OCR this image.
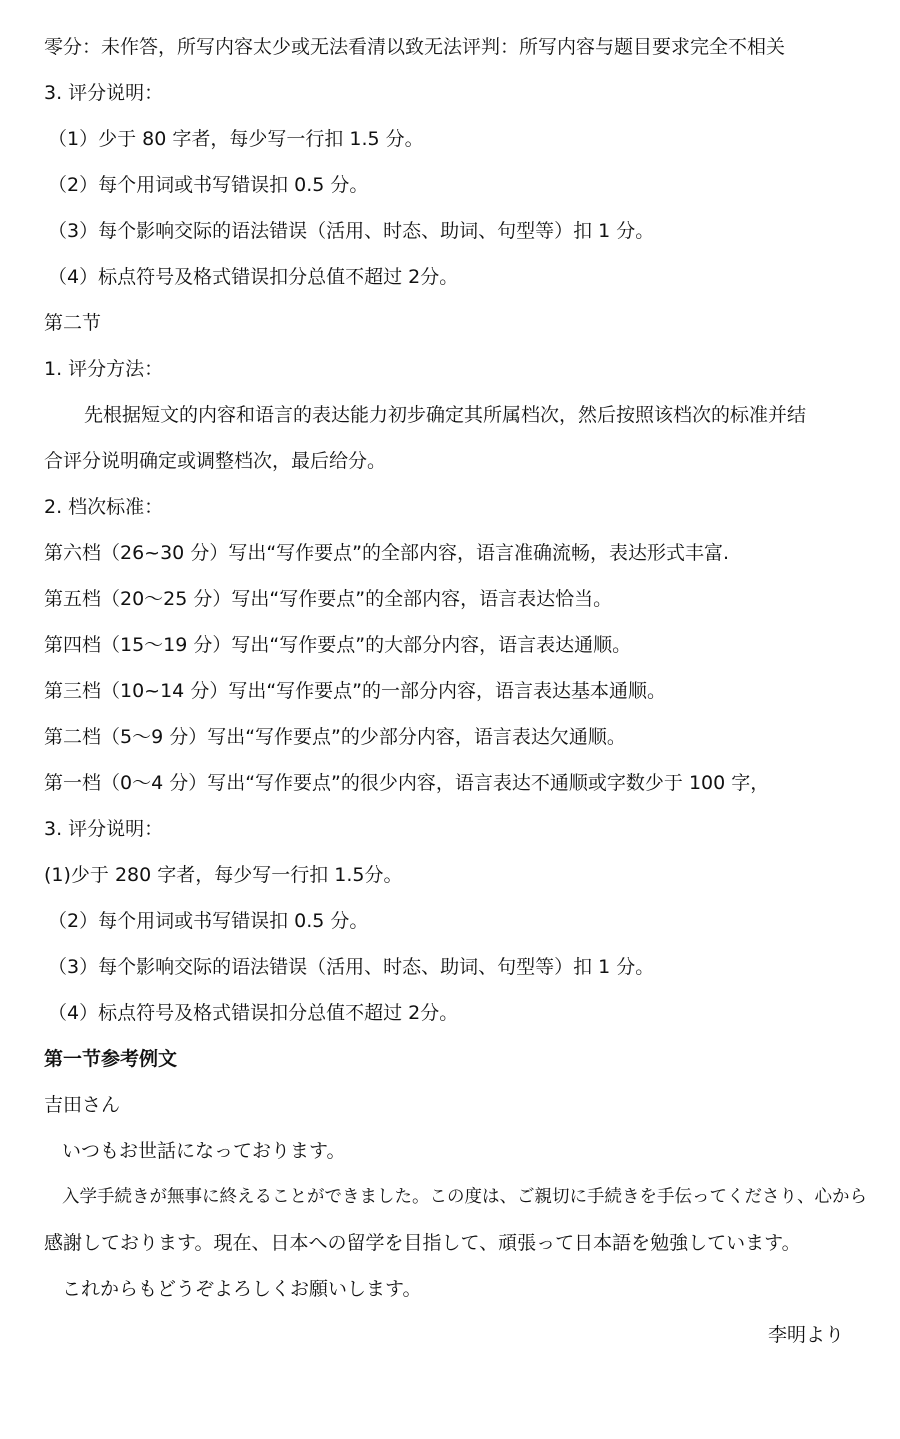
零分：未作答，所写内容太少或无法看清以致无法评判：所写内容与题目要求完全不相关
3. 评分说明：
（1）少于 80 字者，每少写一行扣 1.5 分。
（2）每个用词或书写错误扣 0.5 分。
（3）每个影响交际的语法错误（活用、时态、助词、句型等）扣 1 分。
（4）标点符号及格式错误扣分总值不超过 2分。
第二节
1. 评分方法：
先根据短文的内容和语言的表达能力初步确定其所属档次，然后按照该档次的标准并结
合评分说明确定或调整档次，最后给分。
2. 档次标准：
第六档（26~30 分）写出“写作要点”的全部内容，语言准确流畅，表达形式丰富.
第五档（20～25 分）写出“写作要点”的全部内容，语言表达恰当。
第四档（15～19 分）写出“写作要点”的大部分内容，语言表达通顺。
第三档（10~14 分）写出“写作要点”的一部分内容，语言表达基本通顺。
第二档（5～9 分）写出“写作要点”的少部分内容，语言表达欠通顺。
第一档（0～4 分）写出“写作要点”的很少内容，语言表达不通顺或字数少于 100 字，
3. 评分说明：
(1)少于 280 字者，每少写一行扣 1.5分。
（2）每个用词或书写错误扣 0.5 分。
（3）每个影响交际的语法错误（活用、时态、助词、句型等）扣 1 分。
（4）标点符号及格式错误扣分总值不超过 2分。
第一节参考例文
吉田さん
いつもお世話になっております。
入学手続きが無事に終えることができました。この度は、ご親切に手続きを手伝ってくださり、心から
感謝しております。現在、日本への留学を目指して、頑張って日本語を勉強しています。
これからもどうぞよろしくお願いします。
李明より
